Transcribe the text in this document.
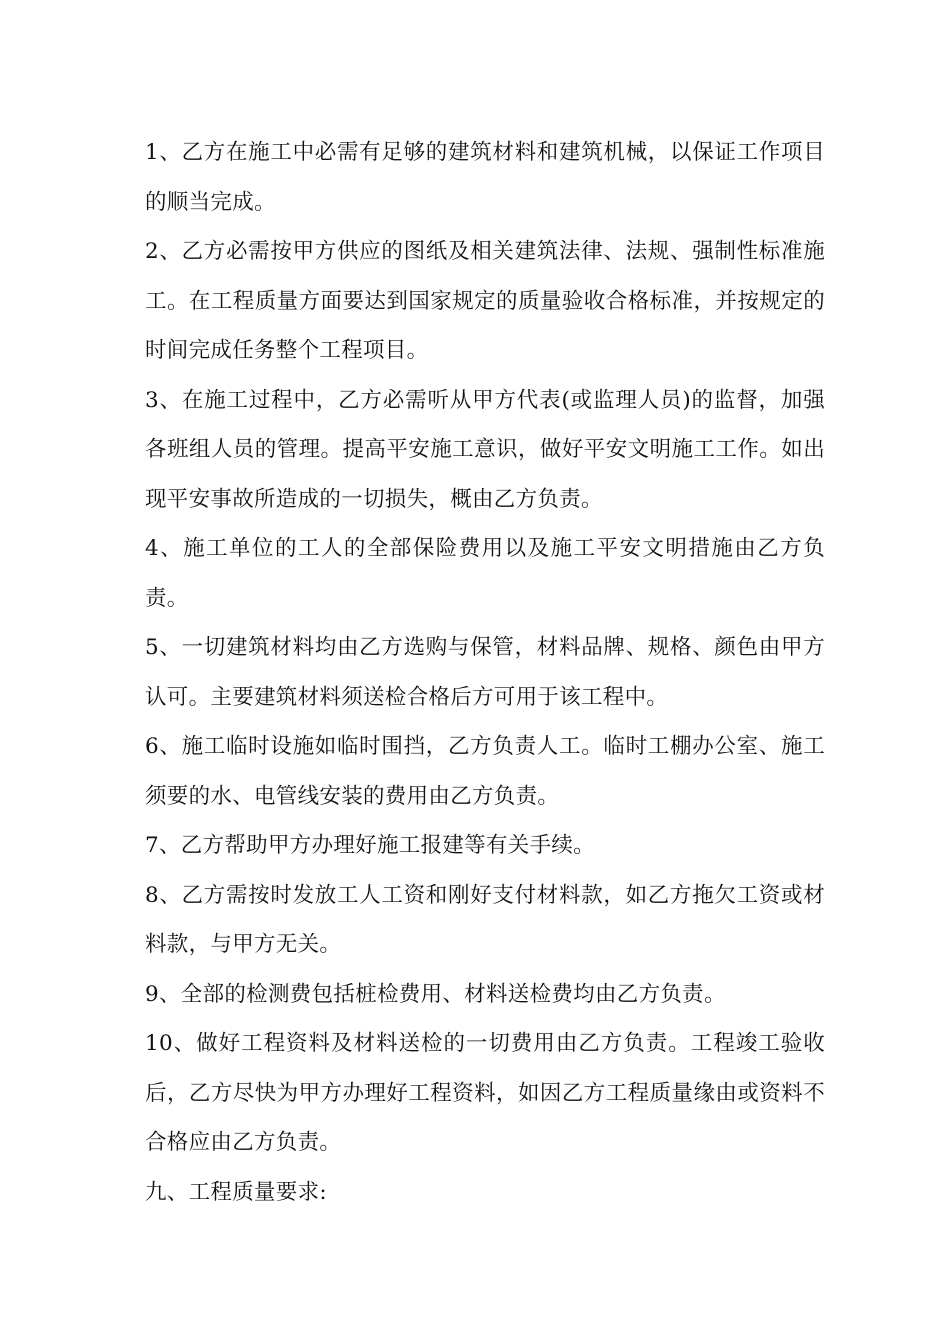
1、乙方在施工中必需有足够的建筑材料和建筑机械，以保证工作项目的顺当完成。

2、乙方必需按甲方供应的图纸及相关建筑法律、法规、强制性标准施工。在工程质量方面要达到国家规定的质量验收合格标准，并按规定的时间完成任务整个工程项目。

3、在施工过程中，乙方必需听从甲方代表(或监理人员)的监督，加强各班组人员的管理。提高平安施工意识，做好平安文明施工工作。如出现平安事故所造成的一切损失，概由乙方负责。

4、施工单位的工人的全部保险费用以及施工平安文明措施由乙方负责。

5、一切建筑材料均由乙方选购与保管，材料品牌、规格、颜色由甲方认可。主要建筑材料须送检合格后方可用于该工程中。

6、施工临时设施如临时围挡，乙方负责人工。临时工棚办公室、施工须要的水、电管线安装的费用由乙方负责。

7、乙方帮助甲方办理好施工报建等有关手续。

8、乙方需按时发放工人工资和刚好支付材料款，如乙方拖欠工资或材料款，与甲方无关。

9、全部的检测费包括桩检费用、材料送检费均由乙方负责。

10、做好工程资料及材料送检的一切费用由乙方负责。工程竣工验收后，乙方尽快为甲方办理好工程资料，如因乙方工程质量缘由或资料不合格应由乙方负责。

九、工程质量要求:
